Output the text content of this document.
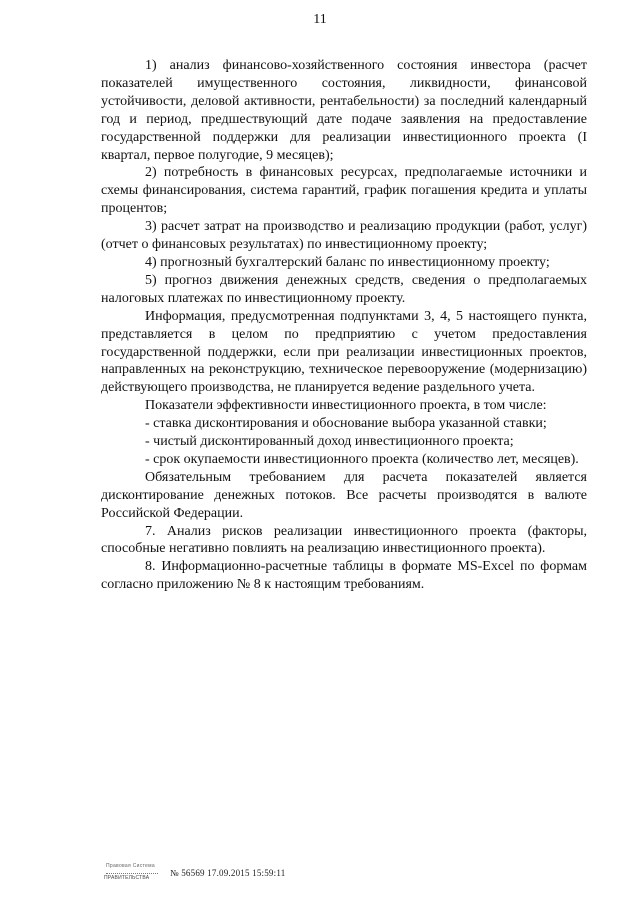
11

1) анализ финансово-хозяйственного состояния инвестора (расчет показателей имущественного состояния, ликвидности, финансовой устойчивости, деловой активности, рентабельности) за последний календарный год и период, предшествующий дате подаче заявления на предоставление государственной поддержки для реализации инвестиционного проекта (I квартал, первое полугодие, 9 месяцев);

2) потребность в финансовых ресурсах, предполагаемые источники и схемы финансирования, система гарантий, график погашения кредита и уплаты процентов;

3) расчет затрат на производство и реализацию продукции (работ, услуг) (отчет о финансовых результатах) по инвестиционному проекту;

4) прогнозный бухгалтерский баланс по инвестиционному проекту;

5) прогноз движения денежных средств, сведения о предполагаемых налоговых платежах по инвестиционному проекту.

Информация, предусмотренная подпунктами 3, 4, 5 настоящего пункта, представляется в целом по предприятию с учетом предоставления государственной поддержки, если при реализации инвестиционных проектов, направленных на реконструкцию, техническое перевооружение (модернизацию) действующего производства, не планируется ведение раздельного учета.

Показатели эффективности инвестиционного проекта, в том числе:

- ставка дисконтирования и обоснование выбора указанной ставки;

- чистый дисконтированный доход инвестиционного проекта;

- срок окупаемости инвестиционного проекта (количество лет, месяцев).

Обязательным требованием для расчета показателей является дисконтирование денежных потоков. Все расчеты производятся в валюте Российской Федерации.

7. Анализ рисков реализации инвестиционного проекта (факторы, способные негативно повлиять на реализацию инвестиционного проекта).

8. Информационно-расчетные таблицы в формате MS-Excel по формам согласно приложению № 8 к настоящим требованиям.

Правовая Система
ПРАВИТЕЛЬСТВА	№ 56569 17.09.2015 15:59:11
